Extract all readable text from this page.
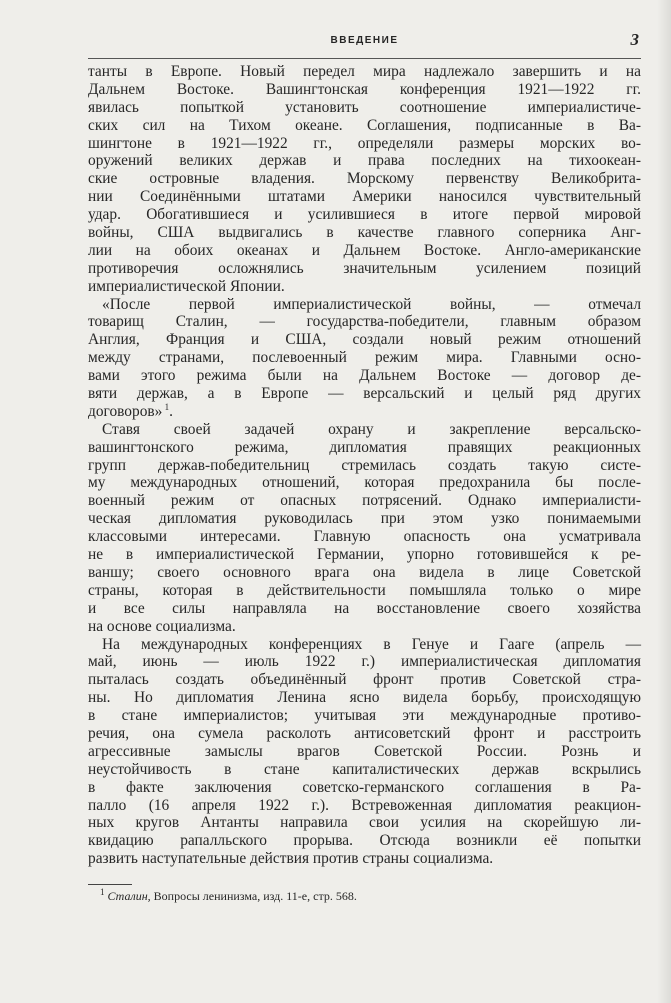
ВВЕДЕНИЕ	3
танты в Европе. Новый передел мира надлежало завершить и на
Дальнем Востоке. Вашингтонская конференция 1921—1922 гг.
явилась попыткой установить соотношение империалистиче-
ских сил на Тихом океане. Соглашения, подписанные в Ва-
шингтоне в 1921—1922 гг., определяли размеры морских во-
оружений великих держав и права последних на тихоокеан-
ские островные владения. Морскому первенству Великобрита-
нии Соединёнными штатами Америки наносился чувствительный
удар. Обогатившиеся и усилившиеся в итоге первой мировой
войны, США выдвигались в качестве главного соперника Анг-
лии на обоих океанах и Дальнем Востоке. Англо-американские
противоречия осложнялись значительным усилением позиций
империалистической Японии.
«После первой империалистической войны, — отмечал
товарищ Сталин, — государства-победители, главным образом
Англия, Франция и США, создали новый режим отношений
между странами, послевоенный режим мира. Главными осно-
вами этого режима были на Дальнем Востоке — договор де-
вяти держав, а в Европе — версальский и целый ряд других
договоров» $^1$.
Ставя своей задачей охрану и закрепление версальско-
вашингтонского режима, дипломатия правящих реакционных
групп держав-победительниц стремилась создать такую систе-
му международных отношений, которая предохранила бы после-
военный режим от опасных потрясений. Однако империалисти-
ческая дипломатия руководилась при этом узко понимаемыми
классовыми интересами. Главную опасность она усматривала
не в империалистической Германии, упорно готовившейся к ре-
ваншу; своего основного врага она видела в лице Советской
страны, которая в действительности помышляла только о мире
и все силы направляла на восстановление своего хозяйства
на основе социализма.
На международных конференциях в Генуе и Гааге (апрель —
май, июнь — июль 1922 г.) империалистическая дипломатия
пыталась создать объединённый фронт против Советской стра-
ны. Но дипломатия Ленина ясно видела борьбу, происходящую
в стане империалистов; учитывая эти международные противо-
речия, она сумела расколоть антисоветский фронт и расстроить
агрессивные замыслы врагов Советской России. Рознь и
неустойчивость в стане капиталистических держав вскрылись
в факте заключения советско-германского соглашения в Ра-
палло (16 апреля 1922 г.). Встревоженная дипломатия реакцион-
ных кругов Антанты направила свои усилия на скорейшую ли-
квидацию рапалльского прорыва. Отсюда возникли её попытки
развить наступательные действия против страны социализма.
$^1$ Сталин, Вопросы ленинизма, изд. 11-е, стр. 568.
